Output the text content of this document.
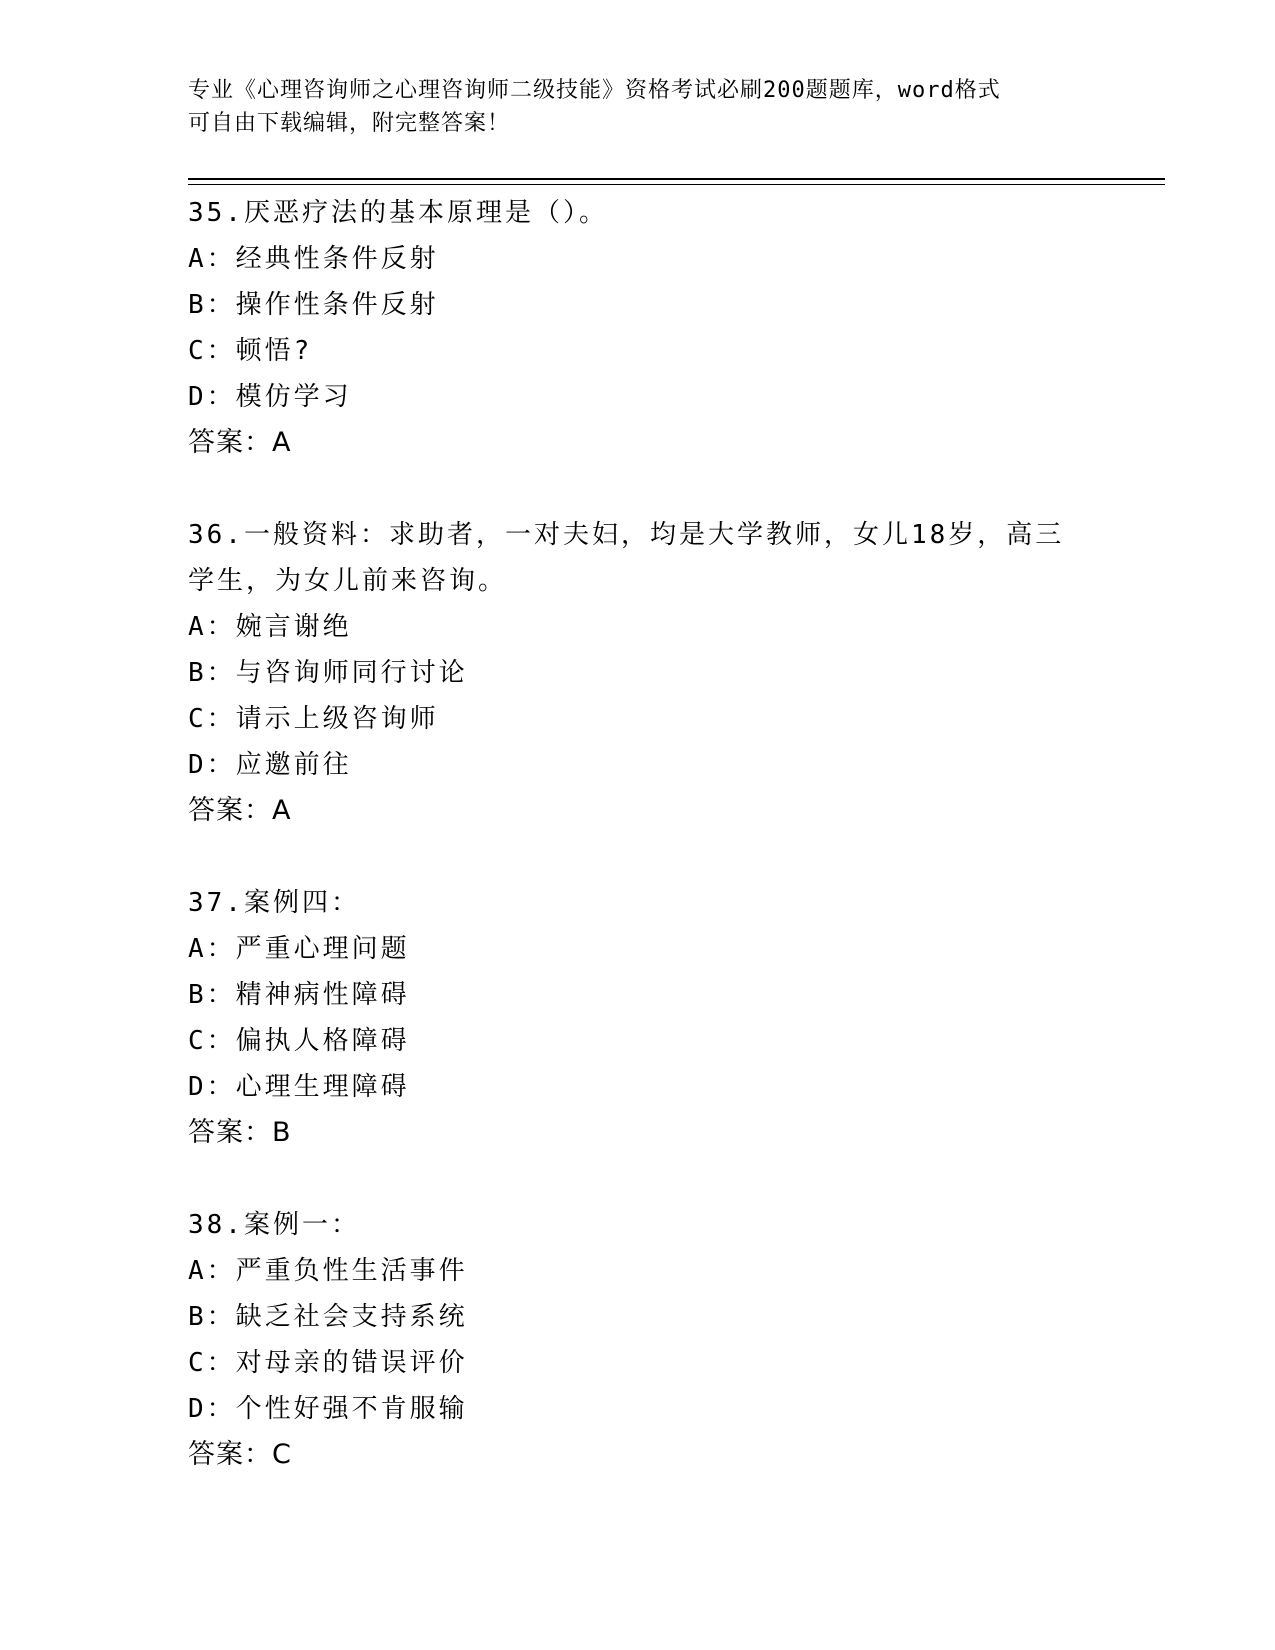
专业《心理咨询师之心理咨询师二级技能》资格考试必刷200题题库，word格式
可自由下载编辑，附完整答案！
35.厌恶疗法的基本原理是（）。
A：经典性条件反射
B：操作性条件反射
C：顿悟?
D：模仿学习
答案：A
36.一般资料：求助者，一对夫妇，均是大学教师，女儿18岁，高三
学生，为女儿前来咨询。
A：婉言谢绝
B：与咨询师同行讨论
C：请示上级咨询师
D：应邀前往
答案：A
37.案例四：
A：严重心理问题
B：精神病性障碍
C：偏执人格障碍
D：心理生理障碍
答案：B
38.案例一：
A：严重负性生活事件
B：缺乏社会支持系统
C：对母亲的错误评价
D：个性好强不肯服输
答案：C
